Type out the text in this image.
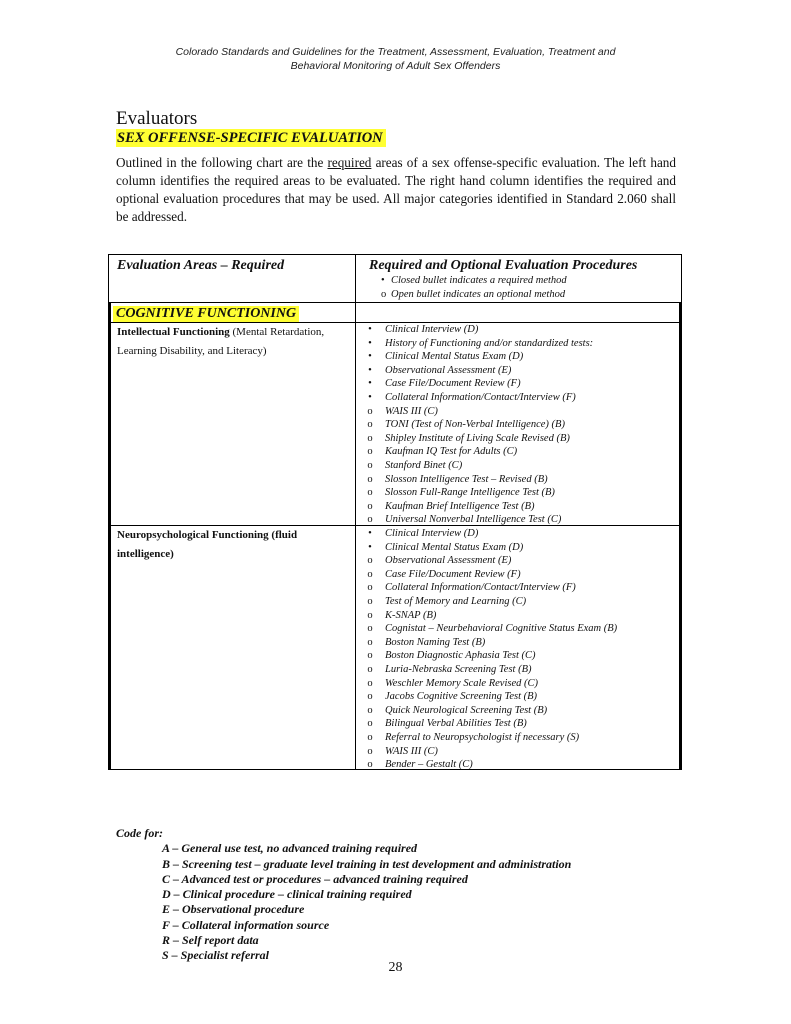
Colorado Standards and Guidelines for the Treatment, Assessment, Evaluation, Treatment and
Behavioral Monitoring of Adult Sex Offenders
Evaluators
SEX OFFENSE-SPECIFIC EVALUATION
Outlined in the following chart are the required areas of a sex offense-specific evaluation. The left hand column identifies the required areas to be evaluated. The right hand column identifies the required and optional evaluation procedures that may be used. All major categories identified in Standard 2.060 shall be addressed.
Evaluation Areas – Required	Required and Optional Evaluation Procedures
• Closed bullet indicates a required method
o Open bullet indicates an optional method
COGNITIVE FUNCTIONING
Intellectual Functioning (Mental Retardation, Learning Disability, and Literacy)
•	Clinical Interview (D)
•	History of Functioning and/or standardized tests:
•	Clinical Mental Status Exam (D)
•	Observational Assessment (E)
•	Case File/Document Review (F)
•	Collateral Information/Contact/Interview (F)
o	WAIS III (C)
o	TONI (Test of Non-Verbal Intelligence) (B)
o	Shipley Institute of Living Scale Revised (B)
o	Kaufman IQ Test for Adults (C)
o	Stanford Binet (C)
o	Slosson Intelligence Test – Revised (B)
o	Slosson Full-Range Intelligence Test (B)
o	Kaufman Brief Intelligence Test (B)
o	Universal Nonverbal Intelligence Test (C)
Neuropsychological Functioning (fluid intelligence)
•	Clinical Interview (D)
•	Clinical Mental Status Exam (D)
o	Observational Assessment (E)
o	Case File/Document Review (F)
o	Collateral Information/Contact/Interview (F)
o	Test of Memory and Learning (C)
o	K-SNAP (B)
o	Cognistat – Neurbehavioral Cognitive Status Exam (B)
o	Boston Naming Test (B)
o	Boston Diagnostic Aphasia Test (C)
o	Luria-Nebraska Screening Test (B)
o	Weschler Memory Scale Revised (C)
o	Jacobs Cognitive Screening Test (B)
o	Quick Neurological Screening Test (B)
o	Bilingual Verbal Abilities Test (B)
o	Referral to Neuropsychologist if necessary (S)
o	WAIS III (C)
o	Bender – Gestalt (C)
Code for:
A – General use test, no advanced training required
B – Screening test – graduate level training in test development and administration
C – Advanced test or procedures – advanced training required
D – Clinical procedure – clinical training required
E – Observational procedure
F – Collateral information source
R – Self report data
S – Specialist referral
28
